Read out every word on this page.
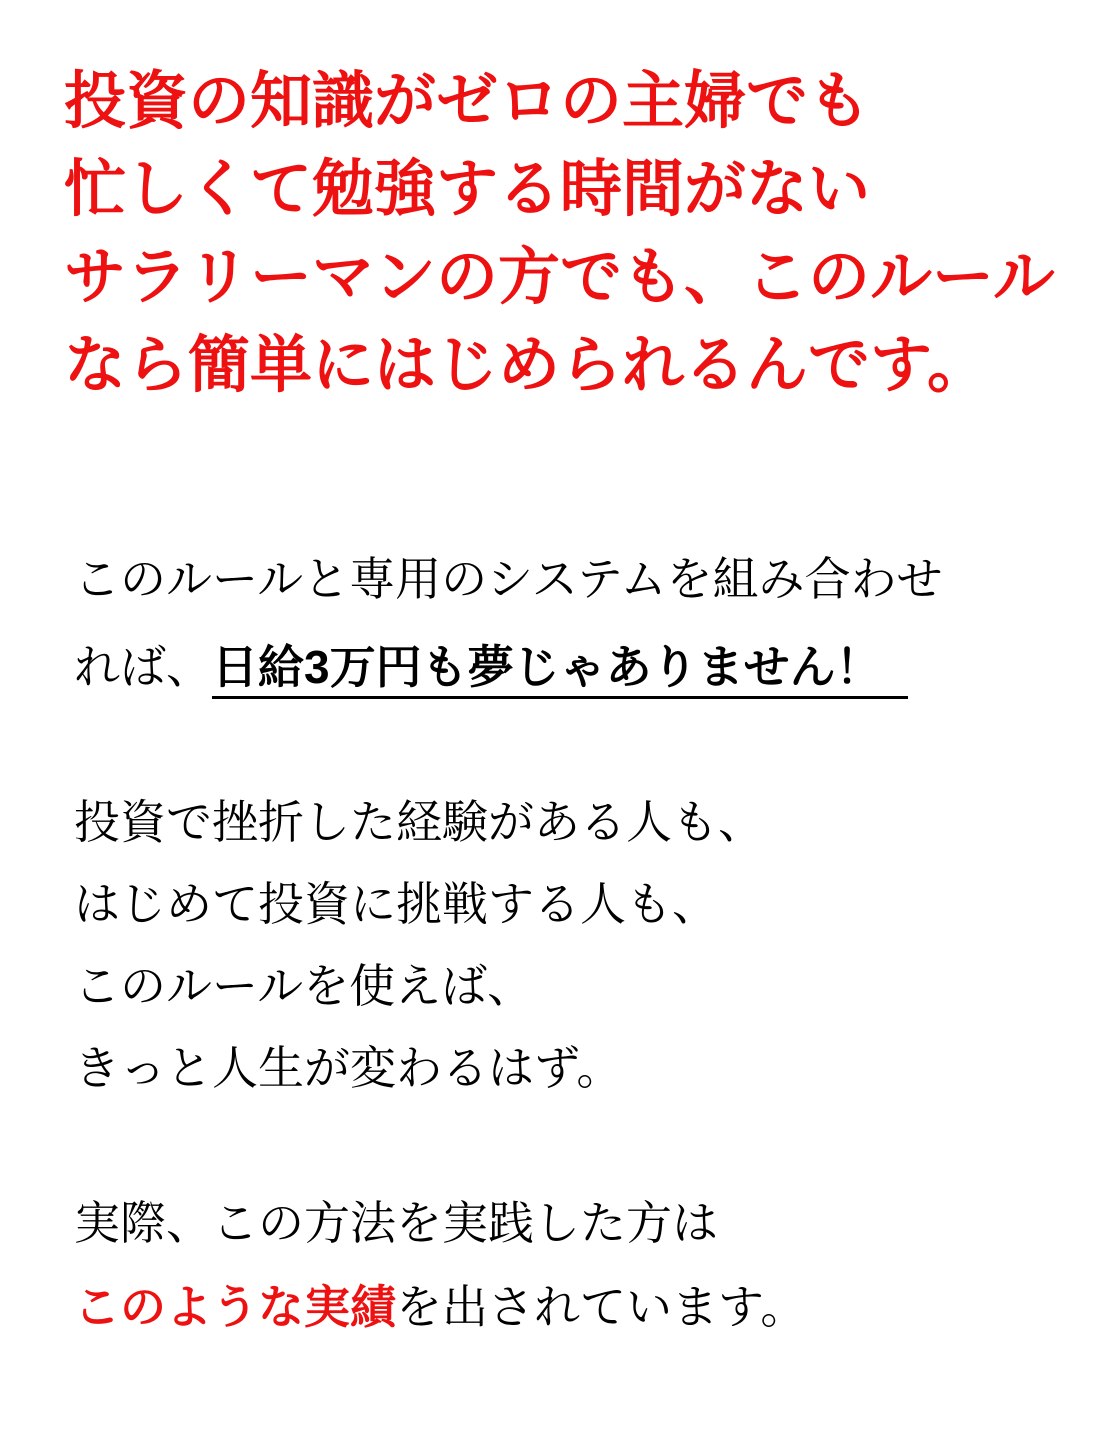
投資の知識がゼロの主婦でも
忙しくて勉強する時間がない
サラリーマンの方でも、このルール
なら簡単にはじめられるんです。
このルールと専用のシステムを組み合わせ
れば、日給3万円も夢じゃありません！
投資で挫折した経験がある人も、
はじめて投資に挑戦する人も、
このルールを使えば、
きっと人生が変わるはず。
実際、この方法を実践した方は
このような実績を出されています。
